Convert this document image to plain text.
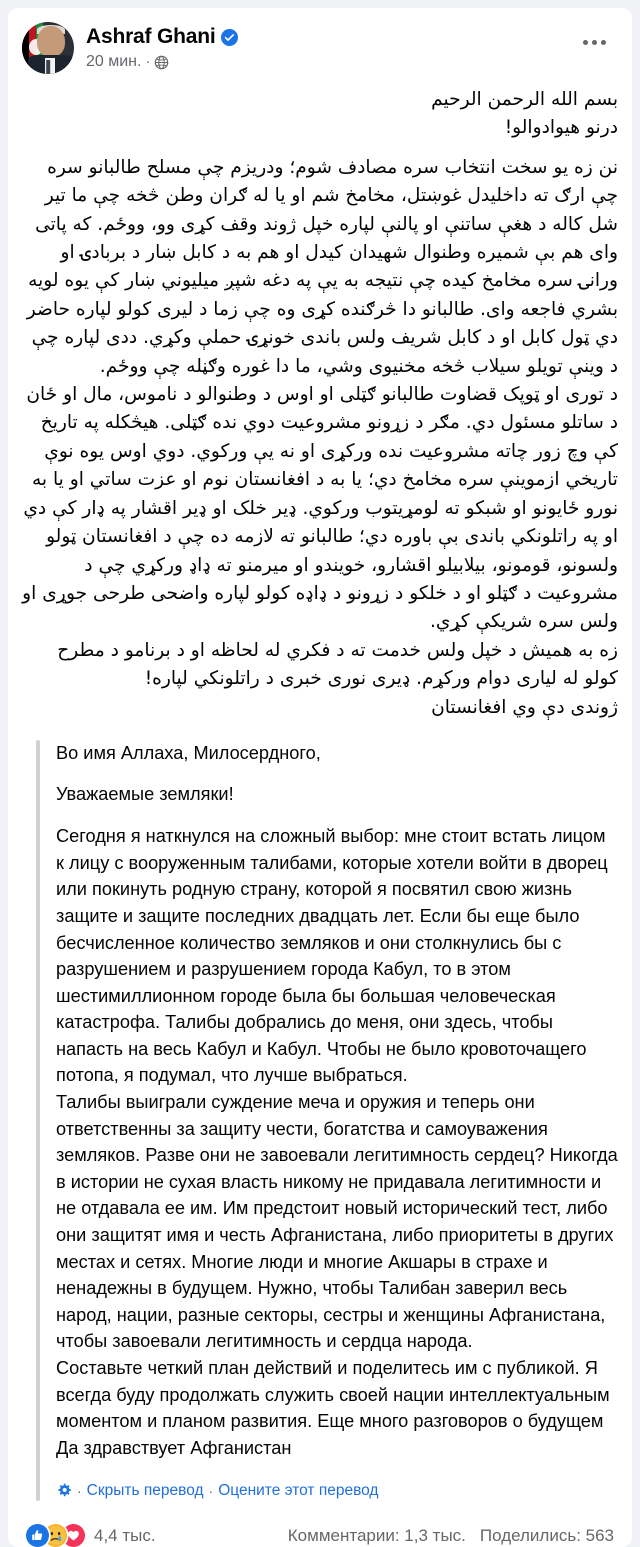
Ashraf Ghani
20 мин. ·

بسم الله الرحمن الرحیم

درنو هیوادوالو!

نن زه یو سخت انتخاب سره مصادف شوم؛ ودریزم چې مسلح طالبانو سره چې ارګ ته داخلیدل غوښتل، مخامخ شم او یا له ګران وطن څخه چې ما تیر شل کاله د هغې ساتنې او پالنې لپاره خپل ژوند وقف کړی وو، ووځم. که پاتی وای هم بې شمیره وطنوال شهیدان کیدل او هم به د کابل ښار د بربادۍ او ورانۍ سره مخامخ کیده چې نتیجه به یې په دغه شپږ میلیوني ښار کې یوه لویه بشري فاجعه وای. طالبانو دا څرګنده کړی وه چې زما د لیری کولو لپاره حاضر دي ټول کابل او د کابل شریف ولس باندی خونړۍ حملې وکړي. ددی لپاره چې د وینې تویلو سیلاب څخه مخنیوی وشي، ما دا غوره وګڼله چې ووځم.

د توری او ټوپک قضاوت طالبانو ګټلی او اوس د وطنوالو د ناموس، مال او ځان د ساتلو مسئول دي. مګر د زړونو مشروعیت دوي نده ګټلی. هیڅکله په تاریخ کې وچ زور چاته مشروعیت نده ورکړی او نه یې ورکوي. دوي اوس یوه نوې تاریخي ازموینې سره مخامخ دي؛ یا به د افغانستان نوم او عزت ساتي او یا به نورو ځایونو او شبکو ته لومړیتوب ورکوي. ډیر خلک او ډیر اقشار په ډار کې دي او په راتلونکي باندی بې باوره دي؛ طالبانو ته لازمه ده چې د افغانستان ټولو ولسونو، قومونو، بیلابیلو اقشارو، خویندو او میرمنو ته ډاډ ورکړي چې د مشروعیت د ګټلو او د خلکو د زړونو د ډاډه کولو لپاره واضحی طرحی جوړی او ولس سره شریکې کړي.

زه به همیش د خپل ولس خدمت ته د فکري له لحاظه او د برنامو د مطرح کولو له لیاری دوام ورکړم. ډیری نوری خبری د راتلونکي لپاره!

ژوندی دې وي افغانستان

Во имя Аллаха, Милосердного,

Уважаемые земляки!

Сегодня я наткнулся на сложный выбор: мне стоит встать лицом к лицу с вооруженным талибами, которые хотели войти в дворец или покинуть родную страну, которой я посвятил свою жизнь защите и защите последних двадцать лет. Если бы еще было бесчисленное количество земляков и они столкнулись бы с разрушением и разрушением города Кабул, то в этом шестимиллионном городе была бы большая человеческая катастрофа. Талибы добрались до меня, они здесь, чтобы напасть на весь Кабул и Кабул. Чтобы не было кровоточащего потопа, я подумал, что лучше выбраться.

Талибы выиграли суждение меча и оружия и теперь они ответственны за защиту чести, богатства и самоуважения земляков. Разве они не завоевали легитимность сердец? Никогда в истории не сухая власть никому не придавала легитимности и не отдавала ее им. Им предстоит новый исторический тест, либо они защитят имя и честь Афганистана, либо приоритеты в других местах и сетях. Многие люди и многие Акшары в страхе и ненадежны в будущем. Нужно, чтобы Талибан заверил весь народ, нации, разные секторы, сестры и женщины Афганистана, чтобы завоевали легитимность и сердца народа.

Составьте четкий план действий и поделитесь им с публикой. Я всегда буду продолжать служить своей нации интеллектуальным моментом и планом развития. Еще много разговоров о будущем

Да здравствует Афганистан

· Скрыть перевод · Оцените этот перевод
4,4 тыс.	Комментарии: 1,3 тыс. Поделились: 563
